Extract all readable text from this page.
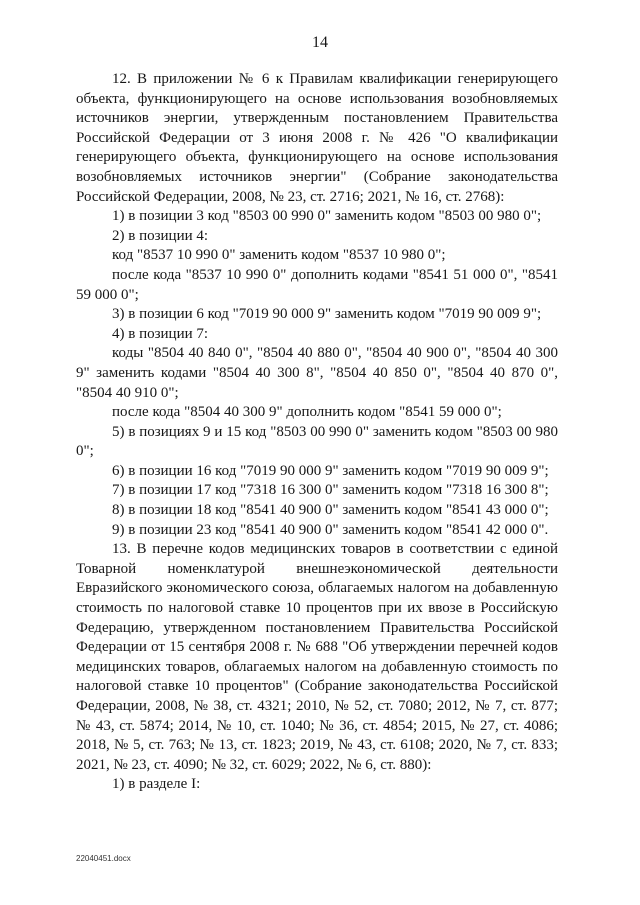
14

12. В приложении № 6 к Правилам квалификации генерирующего объекта, функционирующего на основе использования возобновляемых источников энергии, утвержденным постановлением Правительства Российской Федерации от 3 июня 2008 г. № 426 "О квалификации генерирующего объекта, функционирующего на основе использования возобновляемых источников энергии" (Собрание законодательства Российской Федерации, 2008, № 23, ст. 2716; 2021, № 16, ст. 2768):

1) в позиции 3 код "8503 00 990 0" заменить кодом "8503 00 980 0";

2) в позиции 4:

код "8537 10 990 0" заменить кодом "8537 10 980 0";

после кода "8537 10 990 0" дополнить кодами "8541 51 000 0", "8541 59 000 0";

3) в позиции 6 код "7019 90 000 9" заменить кодом "7019 90 009 9";

4) в позиции 7:

коды "8504 40 840 0", "8504 40 880 0", "8504 40 900 0", "8504 40 300 9" заменить кодами "8504 40 300 8", "8504 40 850 0", "8504 40 870 0", "8504 40 910 0";

после кода "8504 40 300 9" дополнить кодом "8541 59 000 0";

5) в позициях 9 и 15 код "8503 00 990 0" заменить кодом "8503 00 980 0";

6) в позиции 16 код "7019 90 000 9" заменить кодом "7019 90 009 9";

7) в позиции 17 код "7318 16 300 0" заменить кодом "7318 16 300 8";

8) в позиции 18 код "8541 40 900 0" заменить кодом "8541 43 000 0";

9) в позиции 23 код "8541 40 900 0" заменить кодом "8541 42 000 0".

13. В перечне кодов медицинских товаров в соответствии с единой Товарной номенклатурой внешнеэкономической деятельности Евразийского экономического союза, облагаемых налогом на добавленную стоимость по налоговой ставке 10 процентов при их ввозе в Российскую Федерацию, утвержденном постановлением Правительства Российской Федерации от 15 сентября 2008 г. № 688 "Об утверждении перечней кодов медицинских товаров, облагаемых налогом на добавленную стоимость по налоговой ставке 10 процентов" (Собрание законодательства Российской Федерации, 2008, № 38, ст. 4321; 2010, № 52, ст. 7080; 2012, № 7, ст. 877; № 43, ст. 5874; 2014, № 10, ст. 1040; № 36, ст. 4854; 2015, № 27, ст. 4086; 2018, № 5, ст. 763; № 13, ст. 1823; 2019, № 43, ст. 6108; 2020, № 7, ст. 833; 2021, № 23, ст. 4090; № 32, ст. 6029; 2022, № 6, ст. 880):

1) в разделе I:

22040451.docx
